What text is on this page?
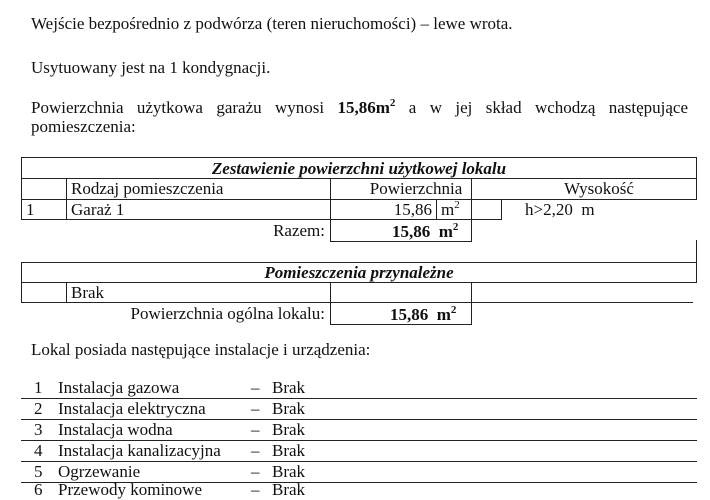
Wejście bezpośrednio z podwórza (teren nieruchomości) – lewe wrota.
Usytuowany jest na 1 kondygnacji.
Powierzchnia użytkowa garażu wynosi $15,86m^2$ a w jej skład wchodzą następujące
pomieszczenia:
Zestawienie powierzchni użytkowej lokalu
Rodzaj pomieszczenia	Powierzchnia	Wysokość
1 Garaż 1	15,86 $m^2$	h>2,20  m
Razem:	15,86 $m^2$
Pomieszczenia przynależne
Brak
Powierzchnia ogólna lokalu:	15,86 $m^2$
Lokal posiada następujące instalacje i urządzenia:
1 Instalacja gazowa	– Brak
2 Instalacja elektryczna	– Brak
3 Instalacja wodna	– Brak
4 Instalacja kanalizacyjna – Brak
5 Ogrzewanie	– Brak
6 Przewody kominowe	– Brak
